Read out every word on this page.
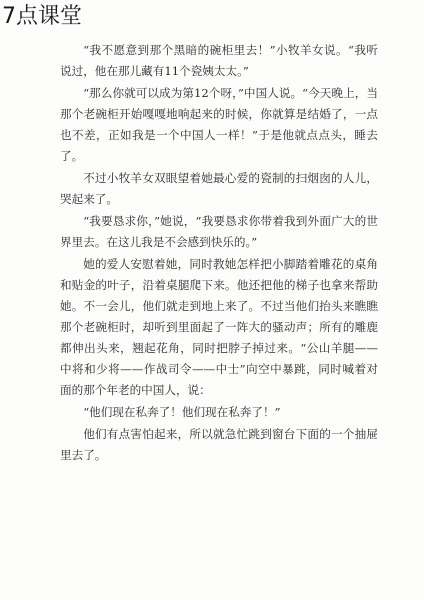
7点课堂

“我不愿意到那个黑暗的碗柜里去！”小牧羊女说。“我听说过，他在那儿藏有11个瓷姨太太。”

“那么你就可以成为第12个呀，”中国人说。“今天晚上，当那个老碗柜开始嘎嘎地响起来的时候，你就算是结婚了，一点也不差，正如我是一个中国人一样！”于是他就点点头，睡去了。

不过小牧羊女双眼望着她最心爱的瓷制的扫烟囱的人儿，哭起来了。

“我要恳求你，”她说，“我要恳求你带着我到外面广大的世界里去。在这儿我是不会感到快乐的。”

她的爱人安慰着她，同时教她怎样把小脚踏着雕花的桌角和贴金的叶子，沿着桌腿爬下来。他还把他的梯子也拿来帮助她。不一会儿，他们就走到地上来了。不过当他们抬头来瞧瞧那个老碗柜时，却听到里面起了一阵大的骚动声；所有的雕鹿都伸出头来，翘起花角，同时把脖子掉过来。“公山羊腿——中将和少将——作战司令——中士”向空中暴跳，同时喊着对面的那个年老的中国人，说：

“他们现在私奔了！他们现在私奔了！”

他们有点害怕起来，所以就急忙跳到窗台下面的一个抽屉里去了。
